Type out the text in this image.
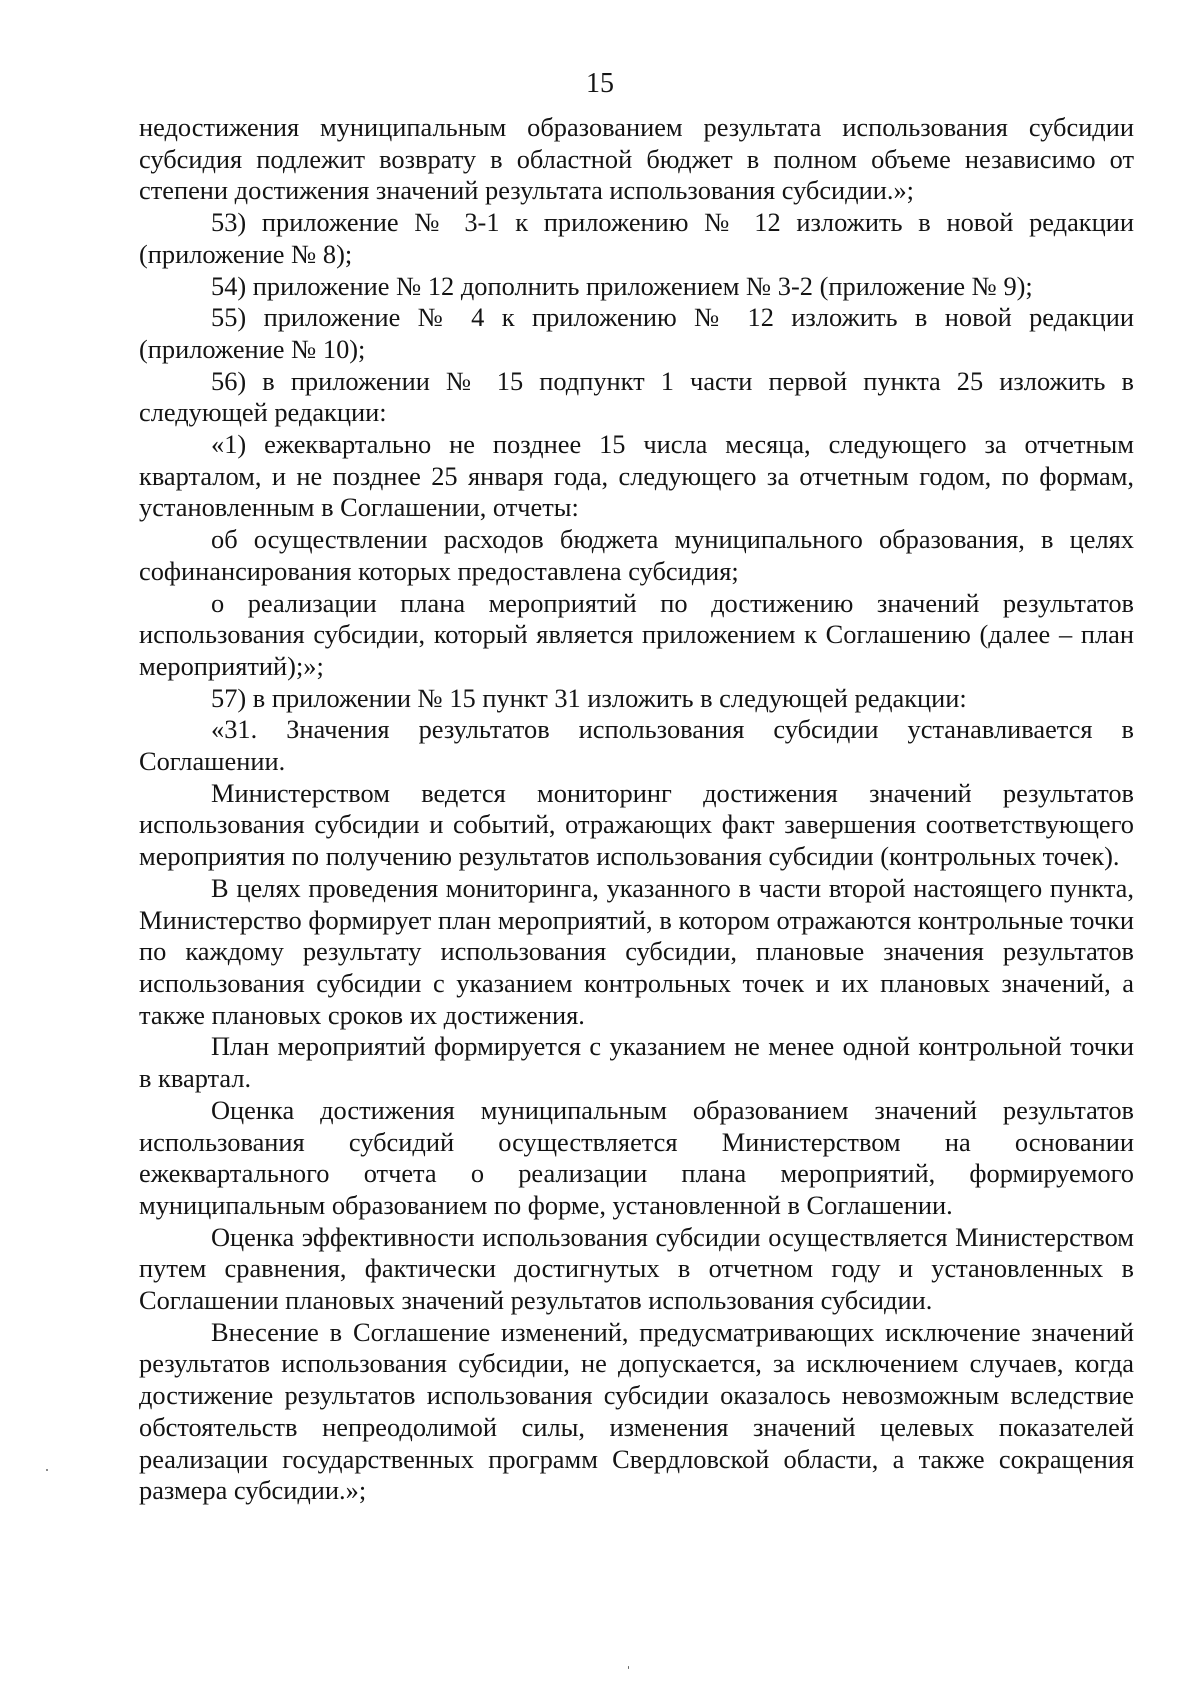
15

недостижения муниципальным образованием результата использования субсидии субсидия подлежит возврату в областной бюджет в полном объеме независимо от степени достижения значений результата использования субсидии.»;

53) приложение № 3-1 к приложению № 12 изложить в новой редакции (приложение № 8);

54) приложение № 12 дополнить приложением № 3-2 (приложение № 9);

55) приложение № 4 к приложению № 12 изложить в новой редакции (приложение № 10);

56) в приложении № 15 подпункт 1 части первой пункта 25 изложить в следующей редакции:

«1) ежеквартально не позднее 15 числа месяца, следующего за отчетным кварталом, и не позднее 25 января года, следующего за отчетным годом, по формам, установленным в Соглашении, отчеты:

об осуществлении расходов бюджета муниципального образования, в целях софинансирования которых предоставлена субсидия;

о реализации плана мероприятий по достижению значений результатов использования субсидии, который является приложением к Соглашению (далее – план мероприятий);»;

57) в приложении № 15 пункт 31 изложить в следующей редакции:

«31. Значения результатов использования субсидии устанавливается в Соглашении.

Министерством ведется мониторинг достижения значений результатов использования субсидии и событий, отражающих факт завершения соответствующего мероприятия по получению результатов использования субсидии (контрольных точек).

В целях проведения мониторинга, указанного в части второй настоящего пункта, Министерство формирует план мероприятий, в котором отражаются контрольные точки по каждому результату использования субсидии, плановые значения результатов использования субсидии с указанием контрольных точек и их плановых значений, а также плановых сроков их достижения.

План мероприятий формируется с указанием не менее одной контрольной точки в квартал.

Оценка достижения муниципальным образованием значений результатов использования субсидий осуществляется Министерством на основании ежеквартального отчета о реализации плана мероприятий, формируемого муниципальным образованием по форме, установленной в Соглашении.

Оценка эффективности использования субсидии осуществляется Министерством путем сравнения, фактически достигнутых в отчетном году и установленных в Соглашении плановых значений результатов использования субсидии.

Внесение в Соглашение изменений, предусматривающих исключение значений результатов использования субсидии, не допускается, за исключением случаев, когда достижение результатов использования субсидии оказалось невозможным вследствие обстоятельств непреодолимой силы, изменения значений целевых показателей реализации государственных программ Свердловской области, а также сокращения размера субсидии.»;
